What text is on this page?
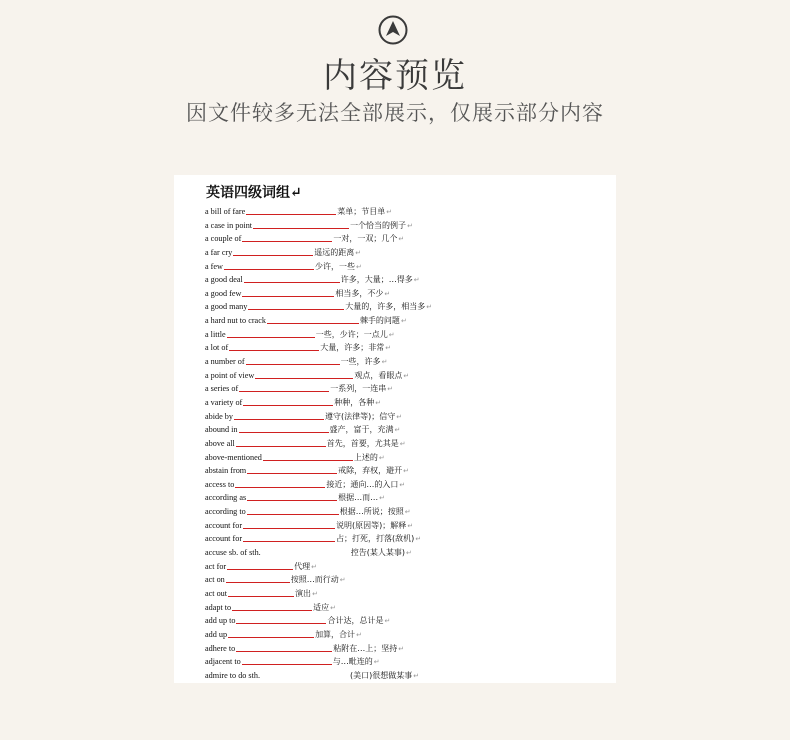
内容预览
因文件较多无法全部展示，仅展示部分内容
英语四级词组↵
a bill of fare	菜单；节目单↵
a case in point	一个恰当的例子↵
a couple of	一对，一双；几个↵
a far cry	遥远的距离↵
a few	少许，一些↵
a good deal	许多，大量；…得多↵
a good few	相当多，不少↵
a good many	大量的，许多，相当多↵
a hard nut to crack	棘手的问题↵
a little	一些，少许；一点儿↵
a lot of	大量，许多；非常↵
a number of	一些，许多↵
a point of view	观点，看眼点↵
a series of	一系列，一连串↵
a variety of	种种，各种↵
abide by	遵守(法律等)；信守↵
abound in	盛产，富于，充满↵
above all	首先，首要，尤其是↵
above-mentioned	上述的↵
abstain from	戒除，弃权，避开↵
access to	接近；通向…的入口↵
according as	根据…而…↵
according to	根据…所说；按照↵
account for	说明(原因等)；解释↵
account for	占；打死，打落(敌机)↵
accuse sb. of sth.	控告(某人某事)↵
act for	代理↵
act on	按照…而行动↵
act out	演出↵
adapt to	适应↵
add up to	合计达，总计是↵
add up	加算，合计↵
adhere to	粘附在…上；坚持↵
adjacent to	与…毗连的↵
admire to do sth.	(美口)很想做某事↵
